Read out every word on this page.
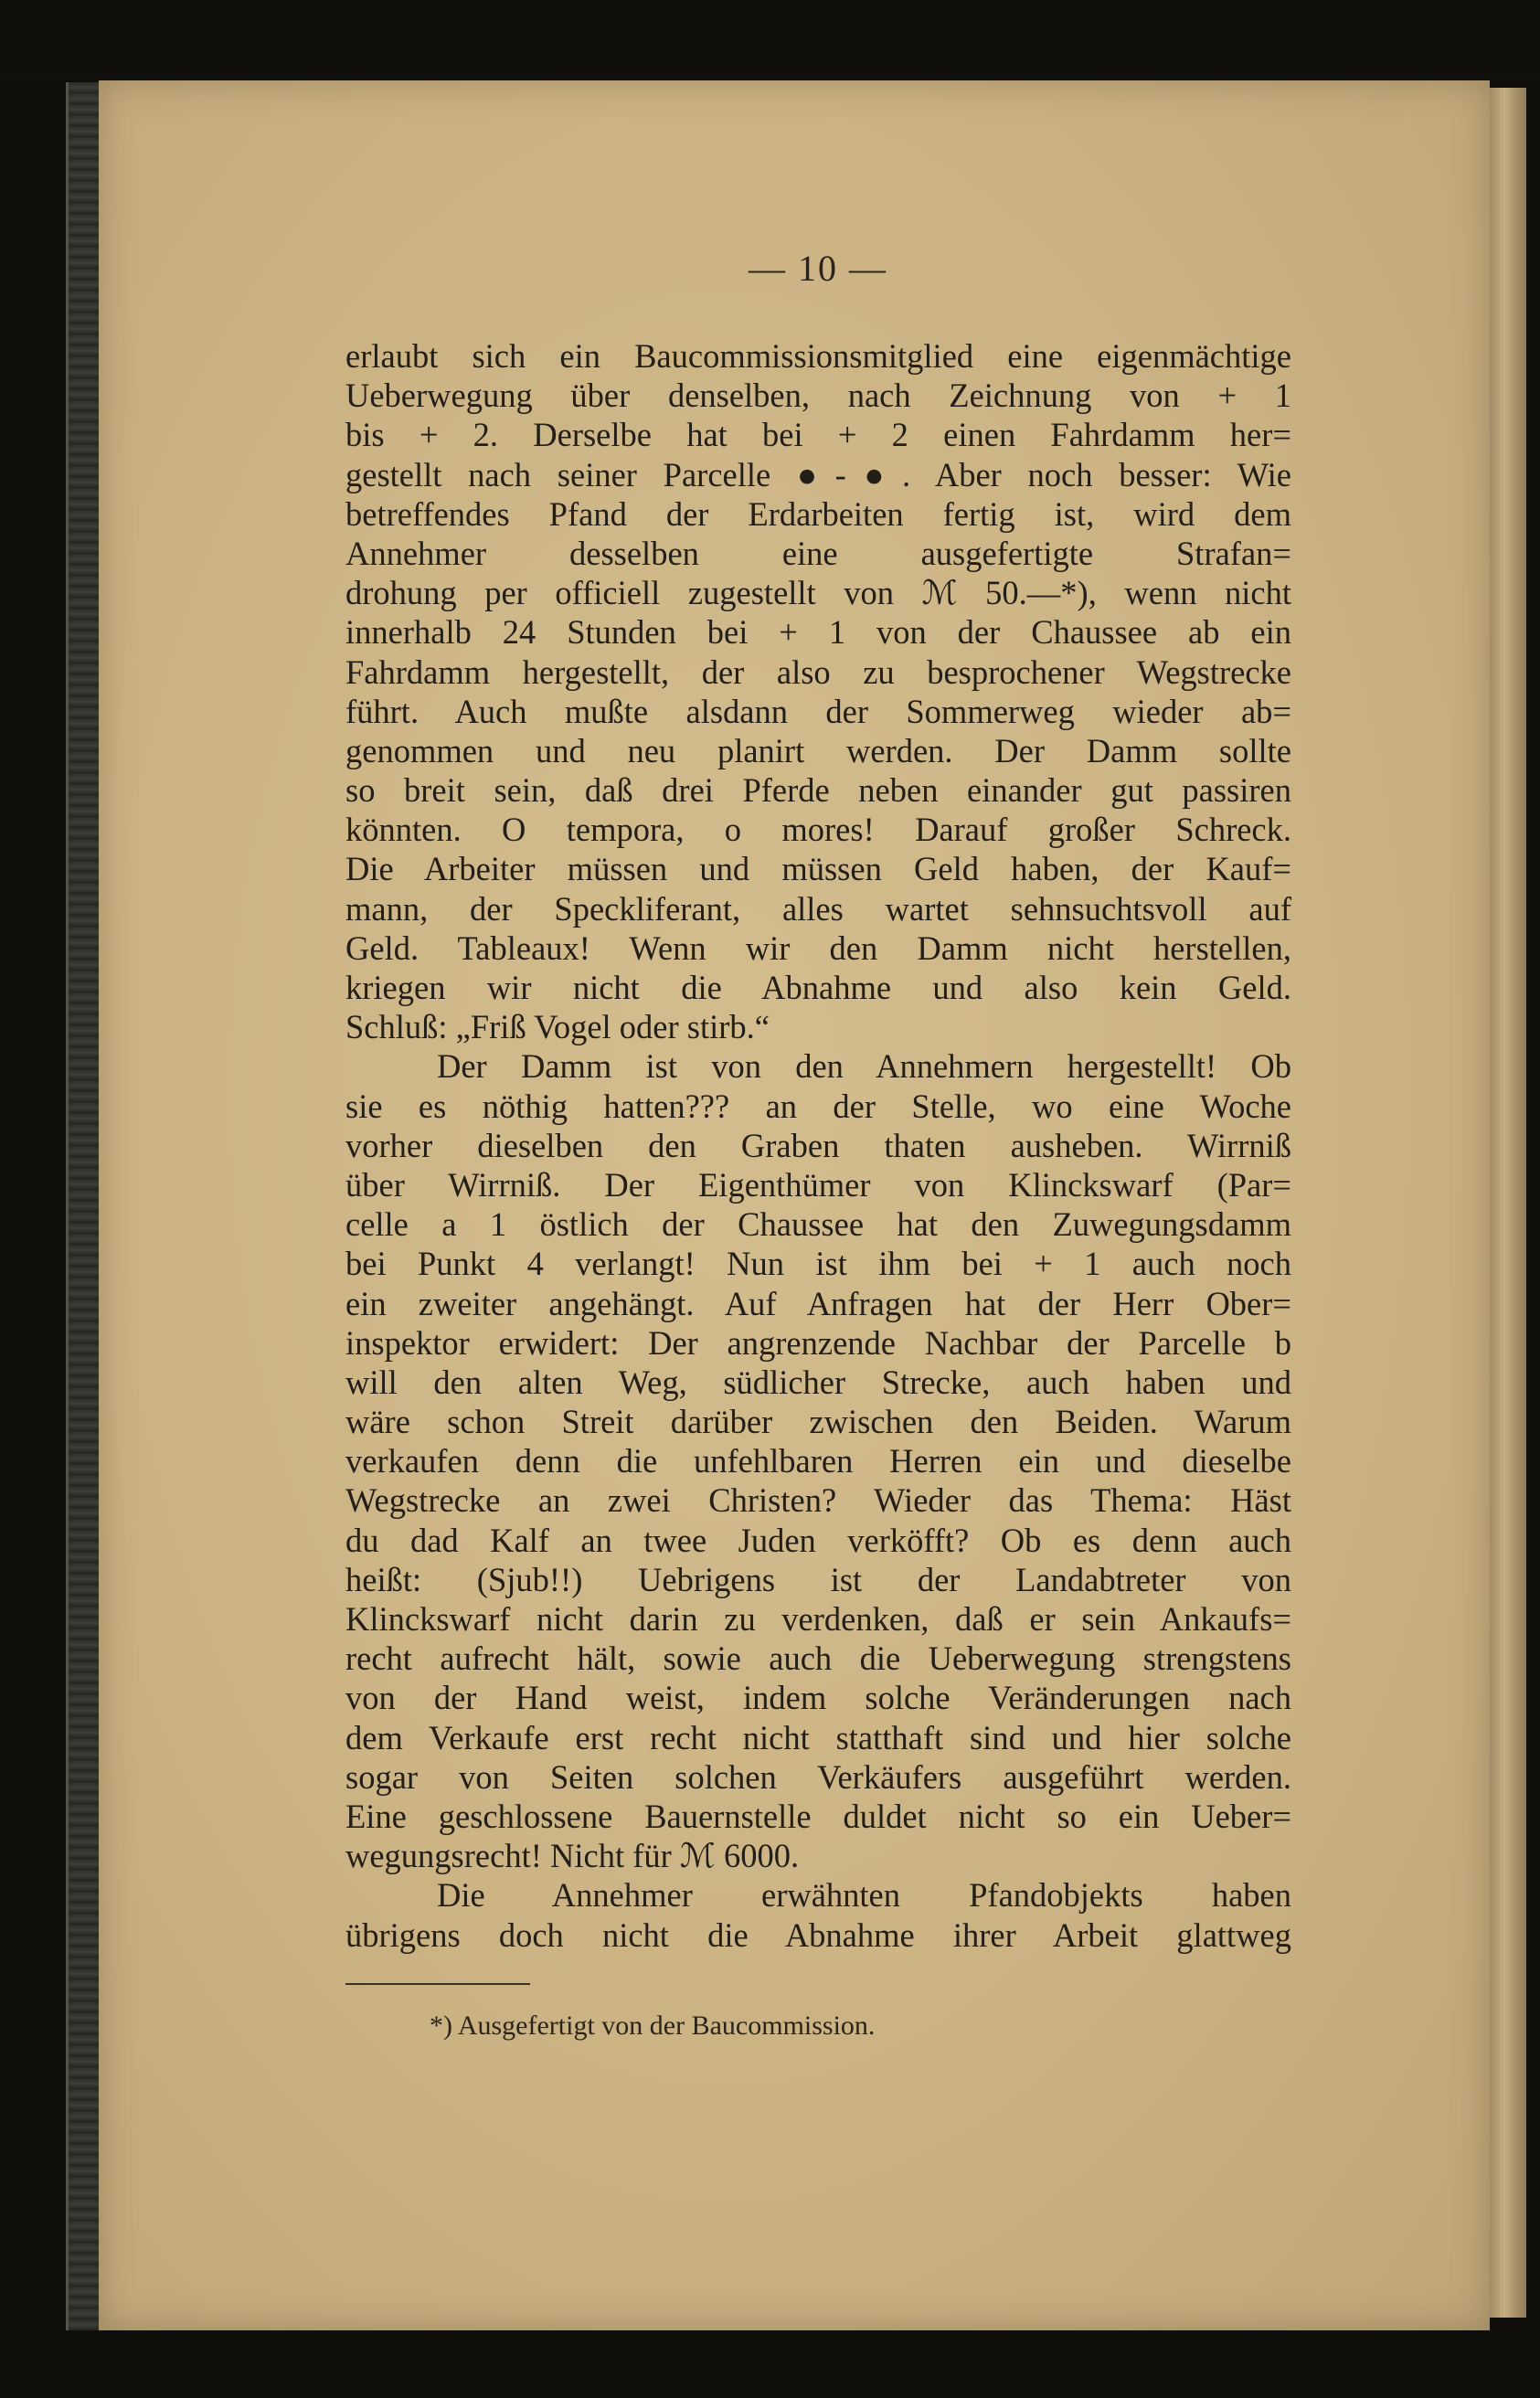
— 10 —
erlaubt sich ein Baucommissionsmitglied eine eigenmächtige
Ueberwegung über denselben, nach Zeichnung von + 1
bis + 2. Derselbe hat bei + 2 einen Fahrdamm her=
gestellt nach seiner Parcelle ●-●. Aber noch besser: Wie
betreffendes Pfand der Erdarbeiten fertig ist, wird dem
Annehmer desselben eine ausgefertigte Strafan=
drohung per officiell zugestellt von ℳ 50.—*), wenn nicht
innerhalb 24 Stunden bei + 1 von der Chaussee ab ein
Fahrdamm hergestellt, der also zu besprochener Wegstrecke
führt. Auch mußte alsdann der Sommerweg wieder ab=
genommen und neu planirt werden. Der Damm sollte
so breit sein, daß drei Pferde neben einander gut passiren
könnten. O tempora, o mores! Darauf großer Schreck.
Die Arbeiter müssen und müssen Geld haben, der Kauf=
mann, der Speckliferant, alles wartet sehnsuchtsvoll auf
Geld. Tableaux! Wenn wir den Damm nicht herstellen,
kriegen wir nicht die Abnahme und also kein Geld.
Schluß: „Friß Vogel oder stirb.“
Der Damm ist von den Annehmern hergestellt! Ob
sie es nöthig hatten??? an der Stelle, wo eine Woche
vorher dieselben den Graben thaten ausheben. Wirrniß
über Wirrniß. Der Eigenthümer von Klinckswarf (Par=
celle a 1 östlich der Chaussee hat den Zuwegungsdamm
bei Punkt 4 verlangt! Nun ist ihm bei + 1 auch noch
ein zweiter angehängt. Auf Anfragen hat der Herr Ober=
inspektor erwidert: Der angrenzende Nachbar der Parcelle b
will den alten Weg, südlicher Strecke, auch haben und
wäre schon Streit darüber zwischen den Beiden. Warum
verkaufen denn die unfehlbaren Herren ein und dieselbe
Wegstrecke an zwei Christen? Wieder das Thema: Häst
du dad Kalf an twee Juden verköfft? Ob es denn auch
heißt: (Sjub!!) Uebrigens ist der Landabtreter von
Klinckswarf nicht darin zu verdenken, daß er sein Ankaufs=
recht aufrecht hält, sowie auch die Ueberwegung strengstens
von der Hand weist, indem solche Veränderungen nach
dem Verkaufe erst recht nicht statthaft sind und hier solche
sogar von Seiten solchen Verkäufers ausgeführt werden.
Eine geschlossene Bauernstelle duldet nicht so ein Ueber=
wegungsrecht! Nicht für ℳ 6000.
Die Annehmer erwähnten Pfandobjekts haben
übrigens doch nicht die Abnahme ihrer Arbeit glattweg
*) Ausgefertigt von der Baucommission.
